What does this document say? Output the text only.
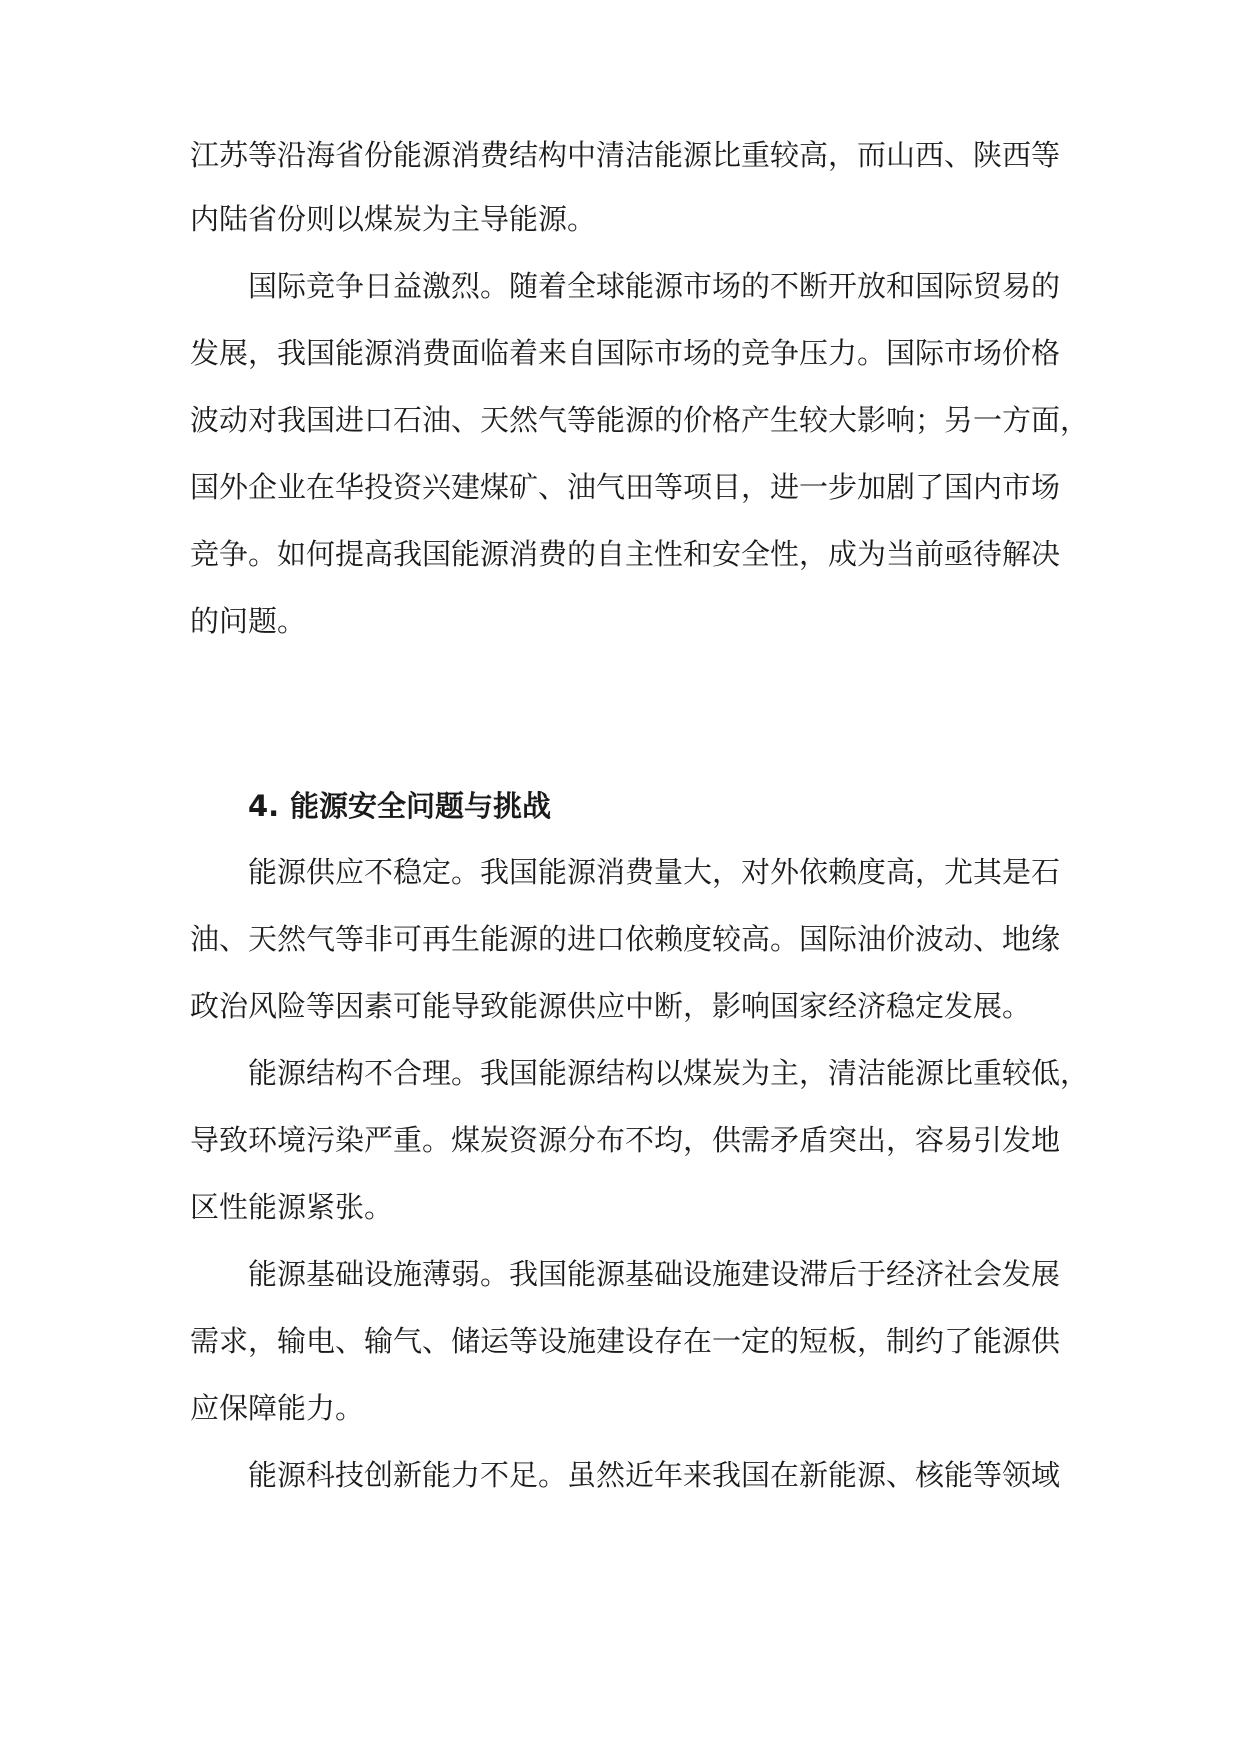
江苏等沿海省份能源消费结构中清洁能源比重较高，而山西、陕西等
内陆省份则以煤炭为主导能源。
国际竞争日益激烈。随着全球能源市场的不断开放和国际贸易的
发展，我国能源消费面临着来自国际市场的竞争压力。国际市场价格
波动对我国进口石油、天然气等能源的价格产生较大影响；另一方面，
国外企业在华投资兴建煤矿、油气田等项目，进一步加剧了国内市场
竞争。如何提高我国能源消费的自主性和安全性，成为当前亟待解决
的问题。
4. 能源安全问题与挑战
能源供应不稳定。我国能源消费量大，对外依赖度高，尤其是石
油、天然气等非可再生能源的进口依赖度较高。国际油价波动、地缘
政治风险等因素可能导致能源供应中断，影响国家经济稳定发展。
能源结构不合理。我国能源结构以煤炭为主，清洁能源比重较低，
导致环境污染严重。煤炭资源分布不均，供需矛盾突出，容易引发地
区性能源紧张。
能源基础设施薄弱。我国能源基础设施建设滞后于经济社会发展
需求，输电、输气、储运等设施建设存在一定的短板，制约了能源供
应保障能力。
能源科技创新能力不足。虽然近年来我国在新能源、核能等领域
